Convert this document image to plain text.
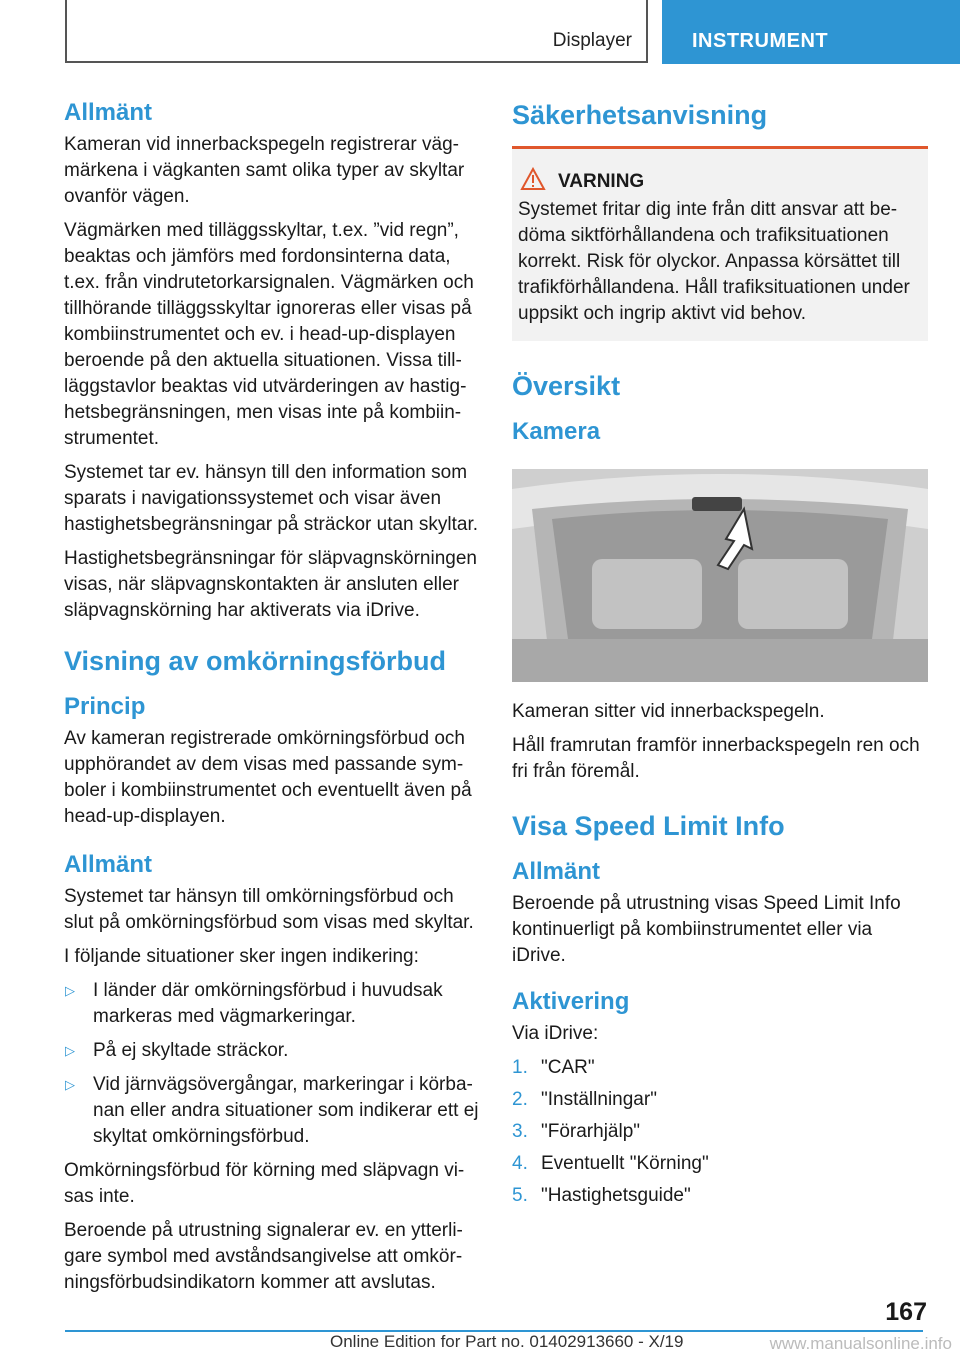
Displayer	INSTRUMENT
Allmänt

Kameran vid innerbackspegeln registrerar vägmärkena i vägkanten samt olika typer av skyltar ovanför vägen.

Vägmärken med tilläggsskyltar, t.ex. ”vid regn”, beaktas och jämförs med fordonsinterna data, t.ex. från vindrutetorkarsignalen. Vägmärken och tillhörande tilläggsskyltar ignoreras eller visas på kombiinstrumentet och ev. i head-up-displayen beroende på den aktuella situationen. Vissa tillläggstavlor beaktas vid utvärderingen av hastighetsbegränsningen, men visas inte på kombiinstrumentet.

Systemet tar ev. hänsyn till den information som sparats i navigationssystemet och visar även hastighetsbegränsningar på sträckor utan skyltar.

Hastighetsbegränsningar för släpvagnskörningen visas, när släpvagnskontakten är ansluten eller släpvagnskörning har aktiverats via iDrive.

Visning av omkörningsförbud
Princip

Av kameran registrerade omkörningsförbud och upphörandet av dem visas med passande symboler i kombiinstrumentet och eventuellt även på head-up-displayen.

Allmänt

Systemet tar hänsyn till omkörningsförbud och slut på omkörningsförbud som visas med skyltar.

I följande situationer sker ingen indikering:

▷ I länder där omkörningsförbud i huvudsak markeras med vägmarkeringar.

▷ På ej skyltade sträckor.

▷ Vid järnvägsövergångar, markeringar i körbanan eller andra situationer som indikerar ett ej skyltat omkörningsförbud.

Omkörningsförbud för körning med släpvagn visas inte.

Beroende på utrustning signalerar ev. en ytterligare symbol med avståndsangivelse att omkörningsförbudsindikatorn kommer att avslutas.

Säkerhetsanvisning
VARNING

Systemet fritar dig inte från ditt ansvar att bedöma siktförhållandena och trafiksituationen korrekt. Risk för olyckor. Anpassa körsättet till trafikförhållandena. Håll trafiksituationen under uppsikt och ingrip aktivt vid behov.

Översikt
Kamera

Kameran sitter vid innerbackspegeln.

Håll framrutan framför innerbackspegeln ren och fri från föremål.

Visa Speed Limit Info
Allmänt

Beroende på utrustning visas Speed Limit Info kontinuerligt på kombiinstrumentet eller via iDrive.

Aktivering

Via iDrive:

1. "CAR"

2. "Inställningar"

3. "Förarhjälp"

4. Eventuellt "Körning"

5. "Hastighetsguide"

167
Online Edition for Part no. 01402913660 - X/19	www.manualsonline.info
